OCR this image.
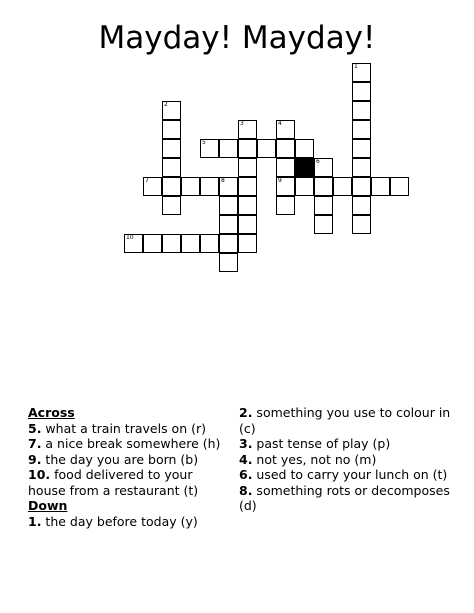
Mayday! Mayday!
1
2
3	4
9
5
6
7	8
10
Across
5. what a train travels on (r)
7. a nice break somewhere (h)
9. the day you are born (b)
10. food delivered to your house from a restaurant (t)
Down
1. the day before today (y)
2. something you use to colour in (c)
3. past tense of play (p)
4. not yes, not no (m)
6. used to carry your lunch on (t)
8. something rots or decomposes (d)
